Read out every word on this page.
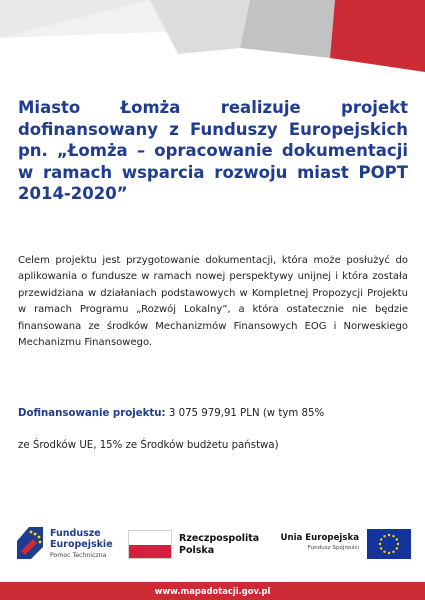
Miasto Łomża realizuje projekt dofinansowany z Funduszy Europejskich pn. „Łomża – opracowanie dokumentacji w ramach wsparcia rozwoju miast POPT 2014-2020”

Celem projektu jest przygotowanie dokumentacji, która może posłużyć do aplikowania o fundusze w ramach nowej perspektywy unijnej i która została przewidziana w działaniach podstawowych w Kompletnej Propozycji Projektu w ramach Programu „Rozwój Lokalny”, a która ostatecznie nie będzie finansowana ze środków Mechanizmów Finansowych EOG i Norweskiego Mechanizmu Finansowego.

Dofinansowanie projektu: 3 075 979,91 PLN (w tym 85%
ze Środków UE, 15% ze Środków budżetu państwa)

Fundusze
Europejskie
Pomoc Techniczna
Rzeczpospolita
Polska
Unia Europejska
Fundusz Spójności
www.mapadotacji.gov.pl
